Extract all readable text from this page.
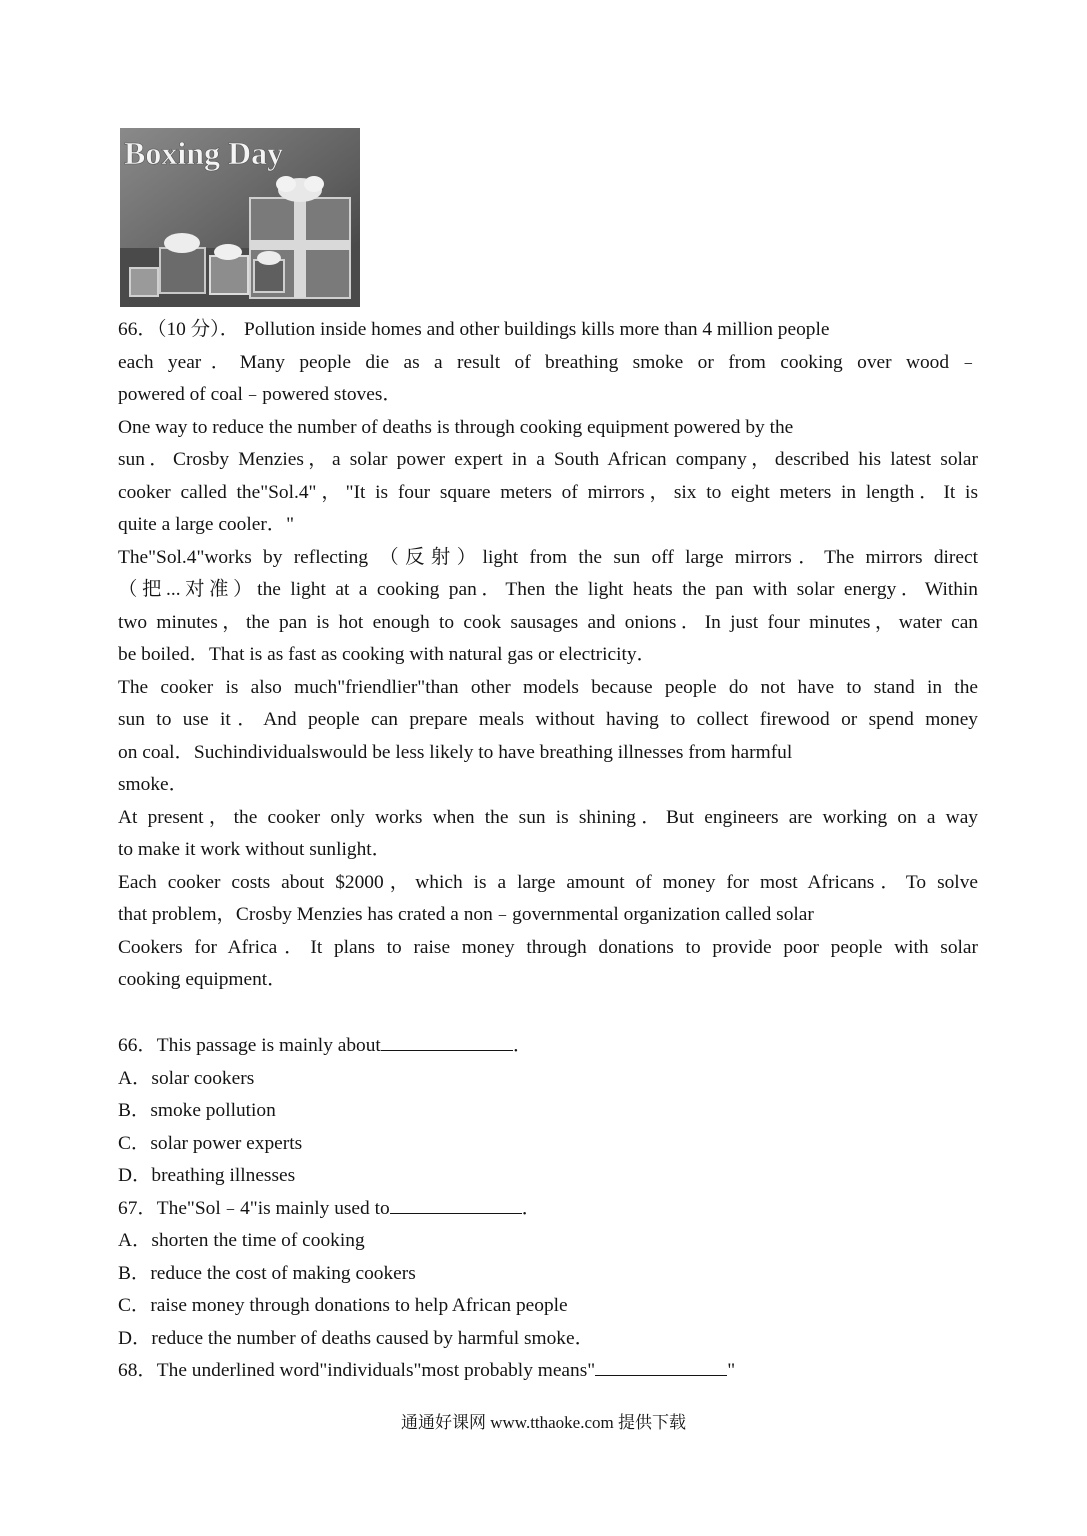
Boxing Day
66．（10 分）． Pollution inside homes and other buildings kills more than 4 million people
each year．Many people die as a result of breathing smoke or from cooking over wood﹣
powered of coal﹣powered stoves．
One way to reduce the number of deaths is through cooking equipment powered by the
sun．Crosby Menzies，a solar power expert in a South African company，described his latest solar
cooker called the"Sol.4"，"It is four square meters of mirrors，six to eight meters in length．It is
quite a large cooler．"
The"Sol.4"works by reflecting （反射）light from the sun off large mirrors．The mirrors direct
（把...对准）the light at a cooking pan．Then the light heats the pan with solar energy．Within
two minutes，the pan is hot enough to cook sausages and onions．In just four minutes，water can
be boiled．That is as fast as cooking with natural gas or electricity．
The cooker is also much"friendlier"than other models because people do not have to stand in the
sun to use it．And people can prepare meals without having to collect firewood or spend money
on coal．Suchindividualswould be less likely to have breathing illnesses from harmful
smoke．
At present，the cooker only works when the sun is shining．But engineers are working on a way
to make it work without sunlight．
Each cooker costs about $2000，which is a large amount of money for most Africans．To solve
that problem，Crosby Menzies has crated a non﹣governmental organization called solar
Cookers for Africa．It plans to raise money through donations to provide poor people with solar
cooking equipment．
66．This passage is mainly about	．
A．solar cookers
B．smoke pollution
C．solar power experts
D．breathing illnesses
67．The"Sol﹣4"is mainly used to	．
A．shorten the time of cooking
B．reduce the cost of making cookers
C．raise money through donations to help African people
D．reduce the number of deaths caused by harmful smoke．
68．The underlined word"individuals"most probably means"	"
通通好课网 www.tthaoke.com 提供下载
